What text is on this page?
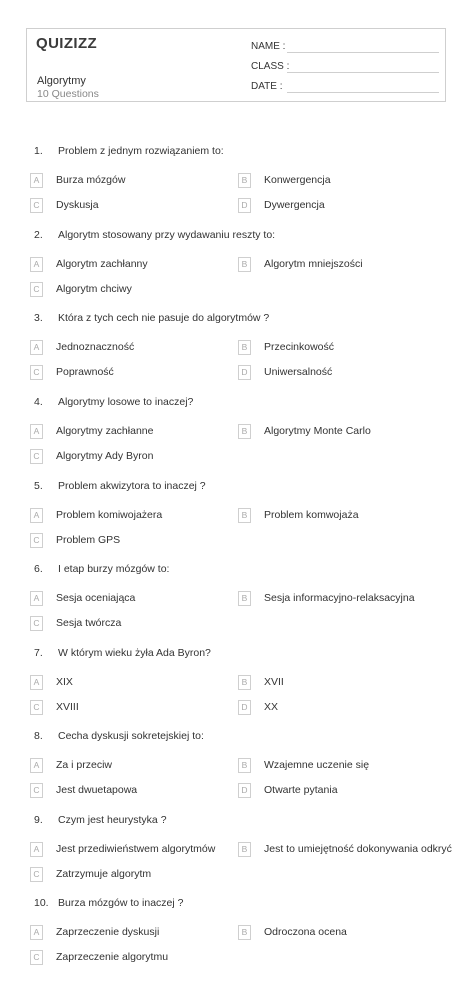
QUIZIZZ
Algorytmy
10 Questions
NAME :
CLASS :
DATE :
1. Problem z jednym rozwiązaniem to:
A	Burza mózgów	B	Konwergencja
C	Dyskusja	D	Dywergencja
2. Algorytm stosowany przy wydawaniu reszty to:
A	Algorytm zachłanny	B	Algorytm mniejszości
C	Algorytm chciwy
3. Która z tych cech nie pasuje do algorytmów ?
A	Jednoznaczność	B	Przecinkowość
C	Poprawność	D	Uniwersalność
4. Algorytmy losowe to inaczej?
A	Algorytmy zachłanne	B	Algorytmy Monte Carlo
C	Algorytmy Ady Byron
5. Problem akwizytora to inaczej ?
A	Problem komiwojażera	B	Problem komwojaża
C	Problem GPS
6. I etap burzy mózgów to:
A	Sesja oceniająca	B	Sesja informacyjno-relaksacyjna
C	Sesja twórcza
7. W którym wieku żyła Ada Byron?
A	XIX	B	XVII
C	XVIII	D	XX
8. Cecha dyskusji sokretejskiej to:
A	Za i przeciw	B	Wzajemne uczenie się
C	Jest dwuetapowa	D	Otwarte pytania
9. Czym jest heurystyka ?
A	Jest przediwieństwem algorytmów	B	Jest to umiejętność dokonywania odkryć
C	Zatrzymuje algorytm
10. Burza mózgów to inaczej ?
A	Zaprzeczenie dyskusji	B	Odroczona ocena
C	Zaprzeczenie algorytmu
